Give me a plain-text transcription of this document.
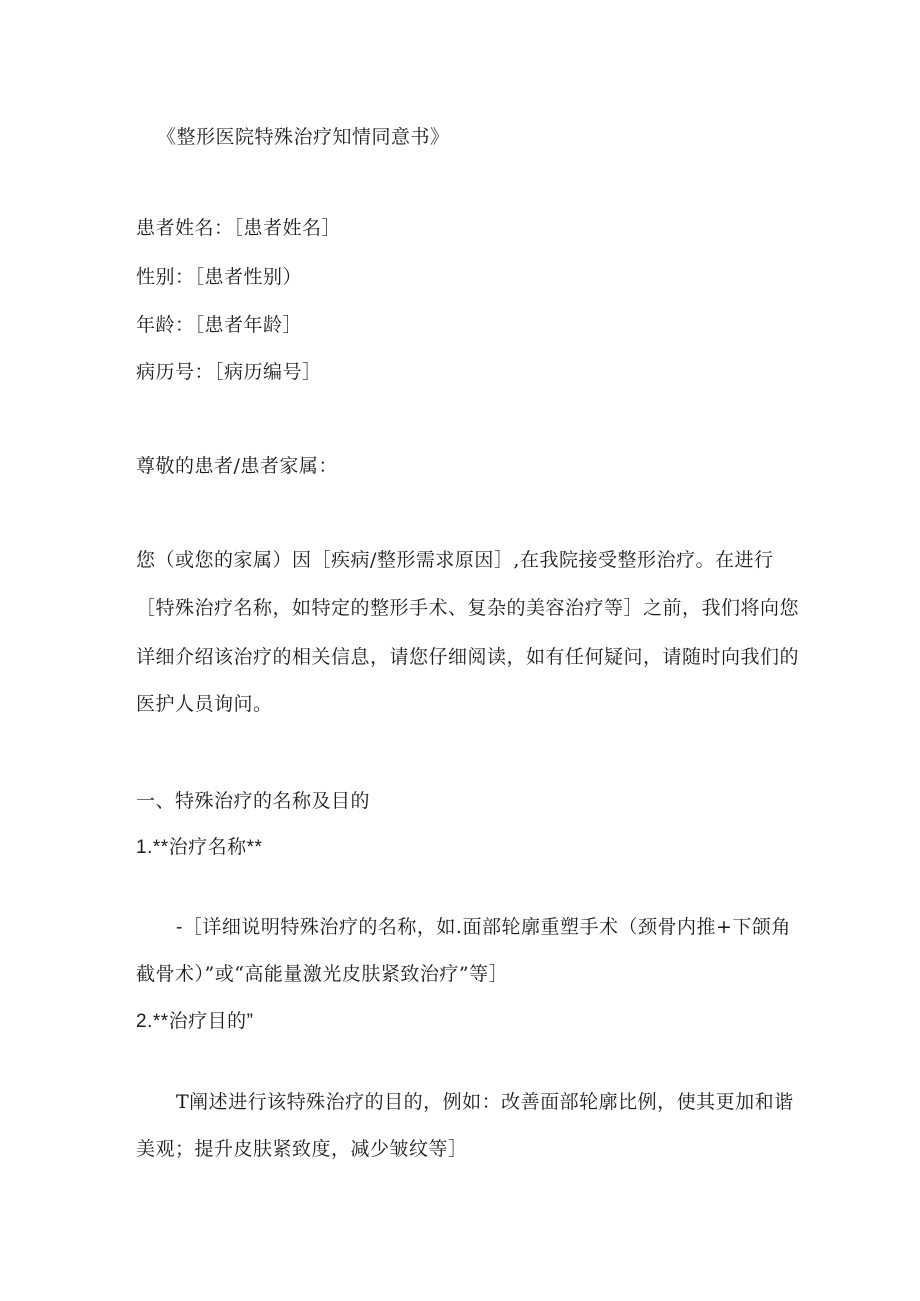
《整形医院特殊治疗知情同意书》
患者姓名：［患者姓名］
性别：［患者性别）
年龄：［患者年龄］
病历号：［病历编号］
尊敬的患者/患者家属：
您（或您的家属）因［疾病/整形需求原因］,在我院接受整形治疗。在进行
［特殊治疗名称，如特定的整形手术、复杂的美容治疗等］之前，我们将向您
详细介绍该治疗的相关信息，请您仔细阅读，如有任何疑问，请随时向我们的
医护人员询问。
一、特殊治疗的名称及目的
1.**治疗名称**
-［详细说明特殊治疗的名称，如.面部轮廓重塑手术（颈骨内推+下颌角
截骨术）”或“高能量激光皮肤紧致治疗”等］
2.**治疗目的”
T阐述进行该特殊治疗的目的，例如：改善面部轮廓比例，使其更加和谐
美观；提升皮肤紧致度，减少皱纹等］
